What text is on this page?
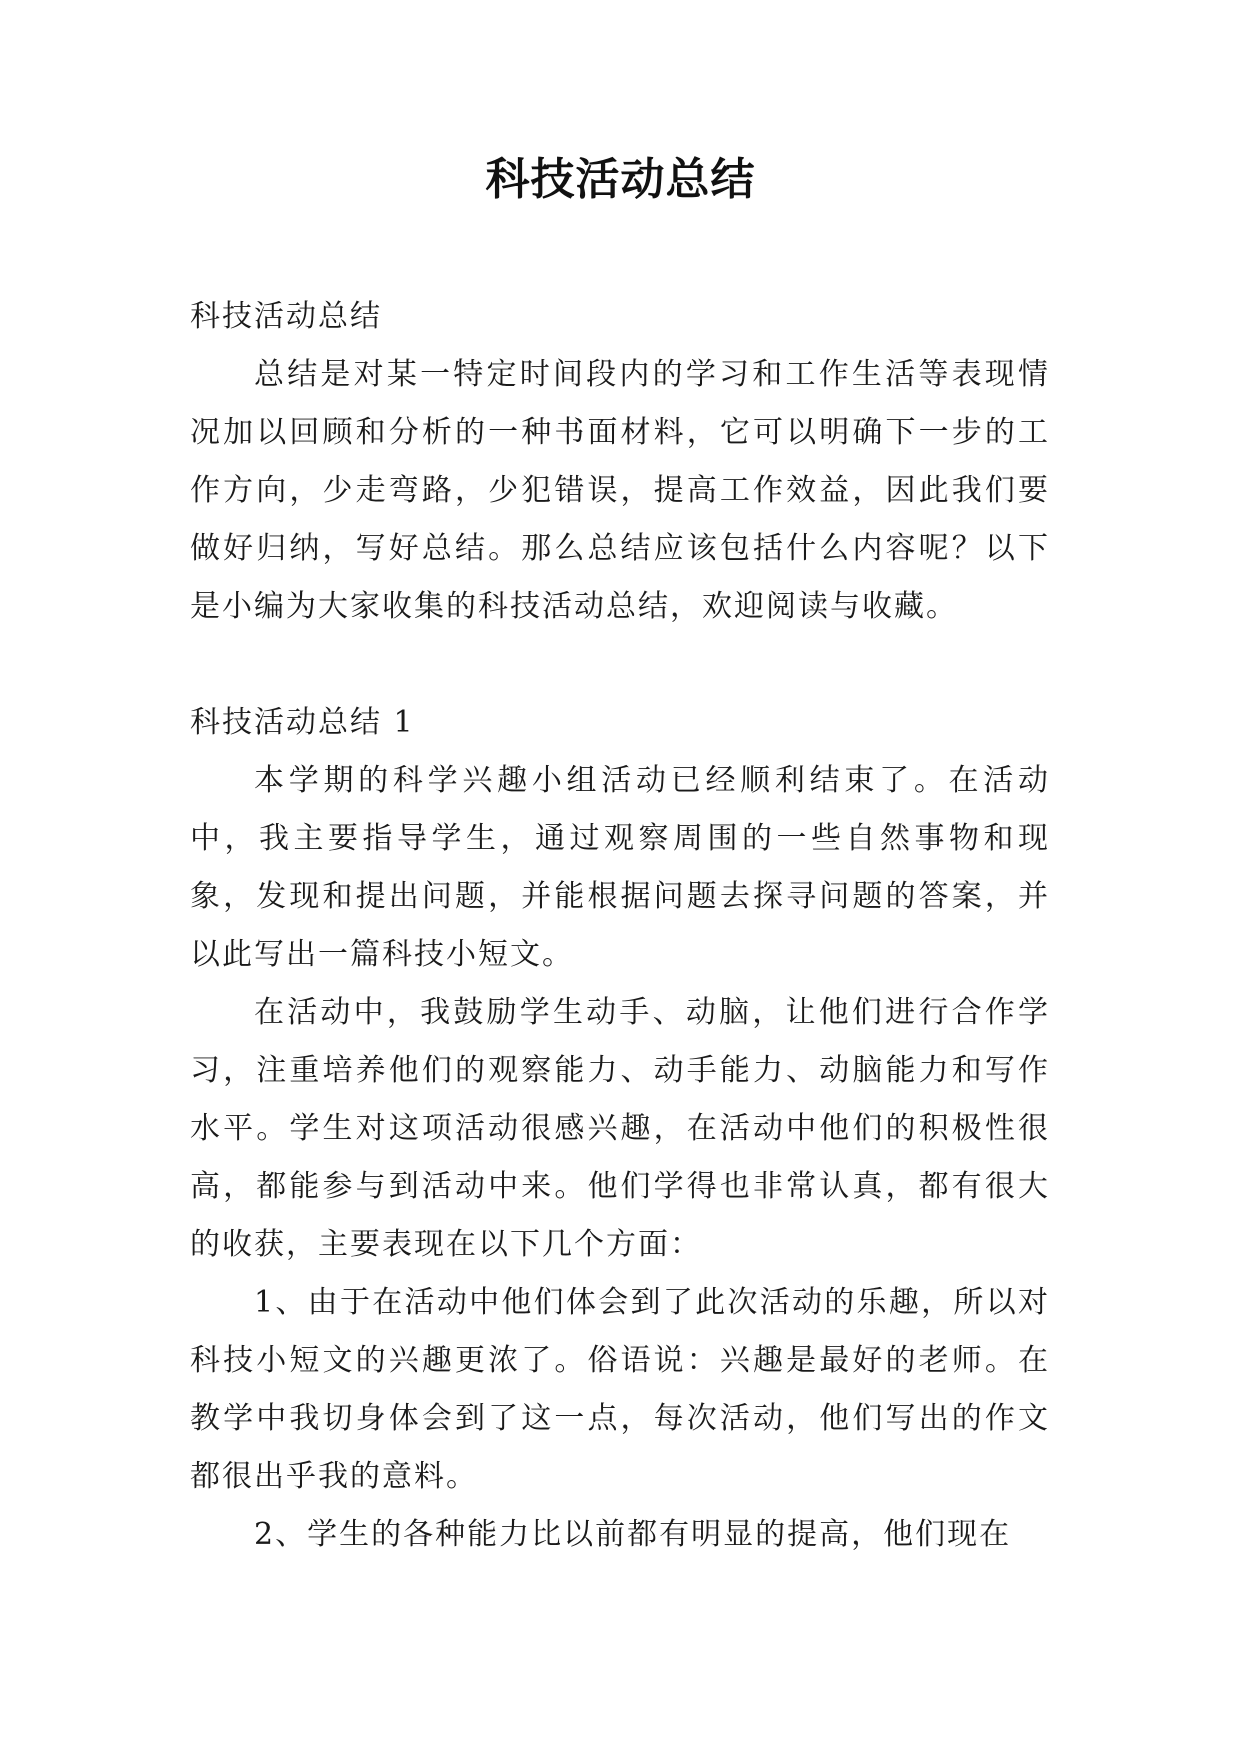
科技活动总结

科技活动总结

总结是对某一特定时间段内的学习和工作生活等表现情况加以回顾和分析的一种书面材料，它可以明确下一步的工作方向，少走弯路，少犯错误，提高工作效益，因此我们要做好归纳，写好总结。那么总结应该包括什么内容呢？以下是小编为大家收集的科技活动总结，欢迎阅读与收藏。

科技活动总结 1

本学期的科学兴趣小组活动已经顺利结束了。在活动中，我主要指导学生，通过观察周围的一些自然事物和现象，发现和提出问题，并能根据问题去探寻问题的答案，并以此写出一篇科技小短文。

在活动中，我鼓励学生动手、动脑，让他们进行合作学习，注重培养他们的观察能力、动手能力、动脑能力和写作水平。学生对这项活动很感兴趣，在活动中他们的积极性很高，都能参与到活动中来。他们学得也非常认真，都有很大的收获，主要表现在以下几个方面：

1、由于在活动中他们体会到了此次活动的乐趣，所以对科技小短文的兴趣更浓了。俗语说：兴趣是最好的老师。在教学中我切身体会到了这一点，每次活动，他们写出的作文都很出乎我的意料。

2、学生的各种能力比以前都有明显的提高，他们现在
